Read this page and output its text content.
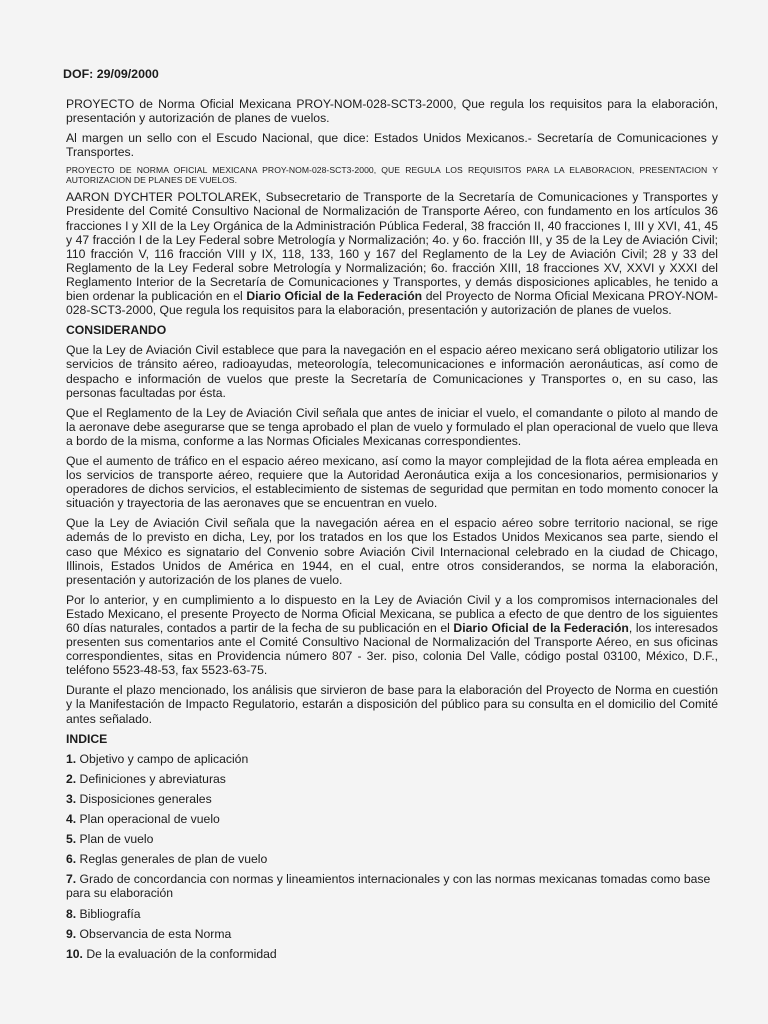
DOF: 29/09/2000

PROYECTO de Norma Oficial Mexicana PROY-NOM-028-SCT3-2000, Que regula los requisitos para la elaboración, presentación y autorización de planes de vuelos.

Al margen un sello con el Escudo Nacional, que dice: Estados Unidos Mexicanos.- Secretaría de Comunicaciones y Transportes.

PROYECTO DE NORMA OFICIAL MEXICANA PROY-NOM-028-SCT3-2000, QUE REGULA LOS REQUISITOS PARA LA ELABORACION, PRESENTACION Y AUTORIZACION DE PLANES DE VUELOS.

AARON DYCHTER POLTOLAREK, Subsecretario de Transporte de la Secretaría de Comunicaciones y Transportes y Presidente del Comité Consultivo Nacional de Normalización de Transporte Aéreo, con fundamento en los artículos 36 fracciones I y XII de la Ley Orgánica de la Administración Pública Federal, 38 fracción II, 40 fracciones I, III y XVI, 41, 45 y 47 fracción I de la Ley Federal sobre Metrología y Normalización; 4o. y 6o. fracción III, y 35 de la Ley de Aviación Civil; 110 fracción V, 116 fracción VIII y IX, 118, 133, 160 y 167 del Reglamento de la Ley de Aviación Civil; 28 y 33 del Reglamento de la Ley Federal sobre Metrología y Normalización; 6o. fracción XIII, 18 fracciones XV, XXVI y XXXI del Reglamento Interior de la Secretaría de Comunicaciones y Transportes, y demás disposiciones aplicables, he tenido a bien ordenar la publicación en el Diario Oficial de la Federación del Proyecto de Norma Oficial Mexicana PROY-NOM-028-SCT3-2000, Que regula los requisitos para la elaboración, presentación y autorización de planes de vuelos.

CONSIDERANDO

Que la Ley de Aviación Civil establece que para la navegación en el espacio aéreo mexicano será obligatorio utilizar los servicios de tránsito aéreo, radioayudas, meteorología, telecomunicaciones e información aeronáuticas, así como de despacho e información de vuelos que preste la Secretaría de Comunicaciones y Transportes o, en su caso, las personas facultadas por ésta.

Que el Reglamento de la Ley de Aviación Civil señala que antes de iniciar el vuelo, el comandante o piloto al mando de la aeronave debe asegurarse que se tenga aprobado el plan de vuelo y formulado el plan operacional de vuelo que lleva a bordo de la misma, conforme a las Normas Oficiales Mexicanas correspondientes.

Que el aumento de tráfico en el espacio aéreo mexicano, así como la mayor complejidad de la flota aérea empleada en los servicios de transporte aéreo, requiere que la Autoridad Aeronáutica exija a los concesionarios, permisionarios y operadores de dichos servicios, el establecimiento de sistemas de seguridad que permitan en todo momento conocer la situación y trayectoria de las aeronaves que se encuentran en vuelo.

Que la Ley de Aviación Civil señala que la navegación aérea en el espacio aéreo sobre territorio nacional, se rige además de lo previsto en dicha, Ley, por los tratados en los que los Estados Unidos Mexicanos sea parte, siendo el caso que México es signatario del Convenio sobre Aviación Civil Internacional celebrado en la ciudad de Chicago, Illinois, Estados Unidos de América en 1944, en el cual, entre otros considerandos, se norma la elaboración, presentación y autorización de los planes de vuelo.

Por lo anterior, y en cumplimiento a lo dispuesto en la Ley de Aviación Civil y a los compromisos internacionales del Estado Mexicano, el presente Proyecto de Norma Oficial Mexicana, se publica a efecto de que dentro de los siguientes 60 días naturales, contados a partir de la fecha de su publicación en el Diario Oficial de la Federación, los interesados presenten sus comentarios ante el Comité Consultivo Nacional de Normalización del Transporte Aéreo, en sus oficinas correspondientes, sitas en Providencia número 807 - 3er. piso, colonia Del Valle, código postal 03100, México, D.F., teléfono 5523-48-53, fax 5523-63-75.

Durante el plazo mencionado, los análisis que sirvieron de base para la elaboración del Proyecto de Norma en cuestión y la Manifestación de Impacto Regulatorio, estarán a disposición del público para su consulta en el domicilio del Comité antes señalado.

INDICE
1. Objetivo y campo de aplicación
2. Definiciones y abreviaturas
3. Disposiciones generales
4. Plan operacional de vuelo
5. Plan de vuelo
6. Reglas generales de plan de vuelo
7. Grado de concordancia con normas y lineamientos internacionales y con las normas mexicanas tomadas como base para su elaboración
8. Bibliografía
9. Observancia de esta Norma
10. De la evaluación de la conformidad
